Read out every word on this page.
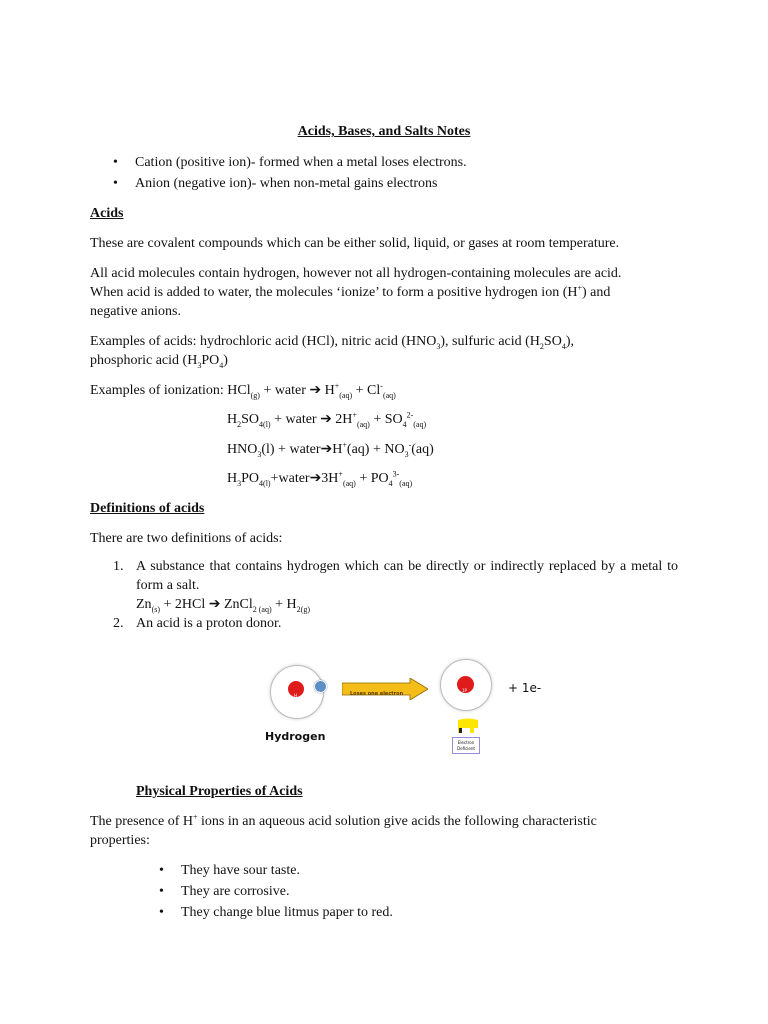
Acids, Bases, and Salts Notes
• Cation (positive ion)- formed when a metal loses electrons.
• Anion (negative ion)- when non-metal gains electrons
Acids
These are covalent compounds which can be either solid, liquid, or gases at room temperature.
All acid molecules contain hydrogen, however not all hydrogen-containing molecules are acid.
When acid is added to water, the molecules ‘ionize’ to form a positive hydrogen ion (H+) and
negative anions.
Examples of acids: hydrochloric acid (HCl), nitric acid $(HNO_3)$, sulfuric acid $(H_2SO_4)$,
phosphoric acid $(H_3PO_4)$
Examples of ionization: HCl$_{(g)}$ + water ➔ $H^+_{(aq)} + Cl^-_{(aq)}$
$H_2SO_{4(l)}$ + water ➔ $2H^+_{(aq)} + SO_4^{2-}_{(aq)}$
$HNO_3(l)$ + water➔H+(aq) + $NO_3^-(aq)$
$H_3PO_{4(l)}+water➔3H^+_{(aq)} + PO_4^{3-}_{(aq)}$
Definitions of acids
There are two definitions of acids:
1. A substance that contains hydrogen which can be directly or indirectly replaced by a metal to form a salt.
$Zn_{(s)} + 2HCl$ ➔ ZnCl$_{2 (aq)}$ + $H_{2(g)}$
2. An acid is a proton donor.
H
e	Loses one electron
1P	+ 1e-
Electron
Deficient
Hydrogen
Physical Properties of Acids
The presence of H+ ions in an aqueous acid solution give acids the following characteristic
properties:
• They have sour taste.
• They are corrosive.
• They change blue litmus paper to red.
